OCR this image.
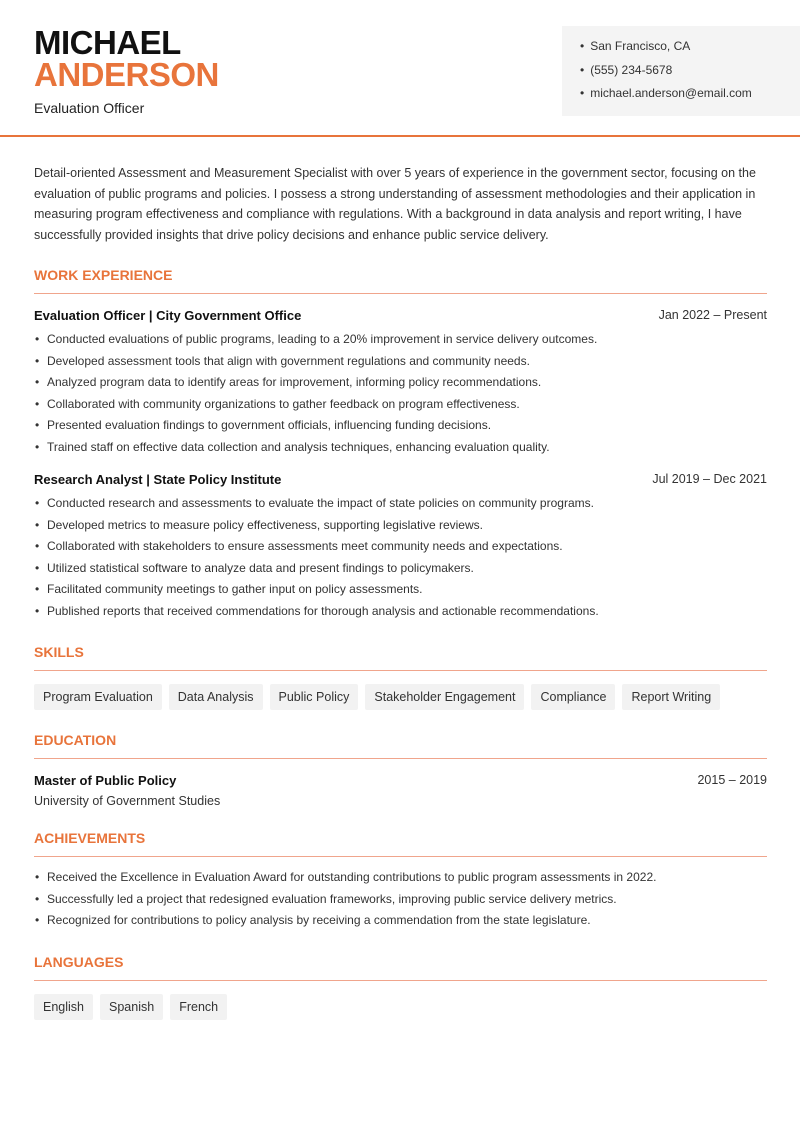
MICHAEL
ANDERSON
Evaluation Officer
• San Francisco, CA
• (555) 234-5678
• michael.anderson@email.com

Detail-oriented Assessment and Measurement Specialist with over 5 years of experience in the government sector, focusing on the evaluation of public programs and policies. I possess a strong understanding of assessment methodologies and their application in measuring program effectiveness and compliance with regulations. With a background in data analysis and report writing, I have successfully provided insights that drive policy decisions and enhance public service delivery.

WORK EXPERIENCE
Evaluation Officer | City Government Office	Jan 2022 – Present
• Conducted evaluations of public programs, leading to a 20% improvement in service delivery outcomes.
• Developed assessment tools that align with government regulations and community needs.
• Analyzed program data to identify areas for improvement, informing policy recommendations.
• Collaborated with community organizations to gather feedback on program effectiveness.
• Presented evaluation findings to government officials, influencing funding decisions.
• Trained staff on effective data collection and analysis techniques, enhancing evaluation quality.
Research Analyst | State Policy Institute	Jul 2019 – Dec 2021
• Conducted research and assessments to evaluate the impact of state policies on community programs.
• Developed metrics to measure policy effectiveness, supporting legislative reviews.
• Collaborated with stakeholders to ensure assessments meet community needs and expectations.
• Utilized statistical software to analyze data and present findings to policymakers.
• Facilitated community meetings to gather input on policy assessments.
• Published reports that received commendations for thorough analysis and actionable recommendations.
SKILLS
Program Evaluation	Data Analysis	Public Policy	Stakeholder Engagement	Compliance	Report Writing
EDUCATION
Master of Public Policy	2015 – 2019
University of Government Studies
ACHIEVEMENTS
• Received the Excellence in Evaluation Award for outstanding contributions to public program assessments in 2022.
• Successfully led a project that redesigned evaluation frameworks, improving public service delivery metrics.
• Recognized for contributions to policy analysis by receiving a commendation from the state legislature.
LANGUAGES
English	Spanish	French
